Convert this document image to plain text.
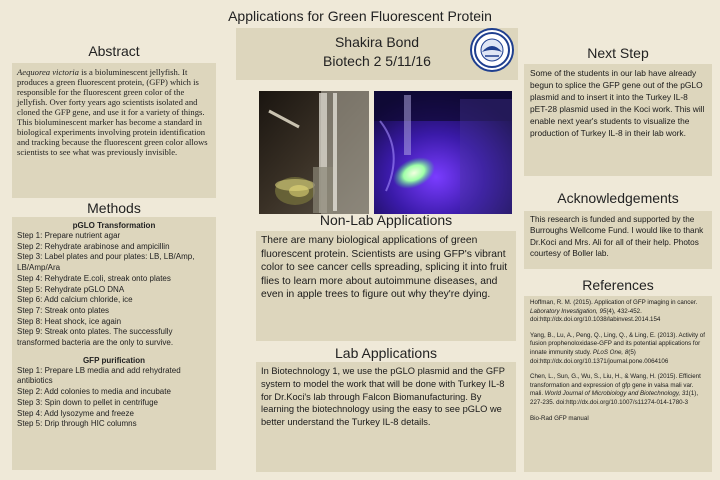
Applications for Green Fluorescent Protein
Abstract

Aequorea victoria is a bioluminescent jellyfish. It produces a green fluorescent protein, (GFP) which is responsible for the fluorescent green color of the jellyfish. Over forty years ago scientists isolated and cloned the GFP gene, and use it for a variety of things. This bioluminescent marker has become a standard in biological experiments involving protein identification and tracking because the fluorescent green color allows scientists to see what was previously invisible.

Methods
pGLO Transformation
Step 1: Prepare nutrient agar
Step 2: Rehydrate arabinose and ampicillin
Step 3: Label plates and pour plates: LB, LB/Amp, LB/Amp/Ara
Step 4: Rehydrate E.coli, streak onto plates
Step 5: Rehydrate pGLO DNA
Step 6: Add calcium chloride, ice
Step 7: Streak onto plates
Step 8: Heat shock, ice again
Step 9: Streak onto plates. The successfully transformed bacteria are the only to survive.
GFP purification
Step 1: Prepare LB media and add rehydrated antibiotics
Step 2: Add colonies to media and incubate
Step 3: Spin down to pellet in centrifuge
Step 4: Add lysozyme and freeze
Step 5: Drip through HIC columns
Shakira Bond
Biotech 2 5/11/16
Non-Lab Applications

There are many biological applications of green fluorescent protein. Scientists are using GFP's vibrant color to see cancer cells spreading, splicing it into fruit flies to learn more about autoimmune diseases, and even in apple trees to figure out why they're dying.

Lab Applications

In Biotechnology 1, we use the pGLO plasmid and the GFP system to model the work that will be done with Turkey IL-8 for Dr.Koci's lab through Falcon Biomanufacturing. By learning the biotechnology using the easy to see pGLO we better understand the Turkey IL-8 details.

Next Step

Some of the students in our lab have already begun to splice the GFP gene out of the pGLO plasmid and to insert it into the Turkey IL-8 pET-28 plasmid used in the Koci work. This will enable next year's students to visualize the production of Turkey IL-8 in their lab work.

Acknowledgements

This research is funded and supported by the Burroughs Wellcome Fund. I would like to thank Dr.Koci and Mrs. Ali for all of their help. Photos courtesy of Boller lab.

References

Hoffman, R. M. (2015). Application of GFP imaging in cancer. Laboratory Investigation, 95(4), 432-452. doi:http://dx.doi.org/10.1038/labinvest.2014.154

Yang, B., Lu, A., Peng, Q., Ling, Q., & Ling, E. (2013). Activity of fusion prophenoloxidase-GFP and its potential applications for innate immunity study. PLoS One, 8(5) doi:http://dx.doi.org/10.1371/journal.pone.0064106

Chen, L., Sun, G., Wu, S., Liu, H., & Wang, H. (2015). Efficient transformation and expression of gfp gene in valsa mali var. mali. World Journal of Microbiology and Biotechnology, 31(1), 227-235. doi:http://dx.doi.org/10.1007/s11274-014-1780-3

Bio-Rad GFP manual
